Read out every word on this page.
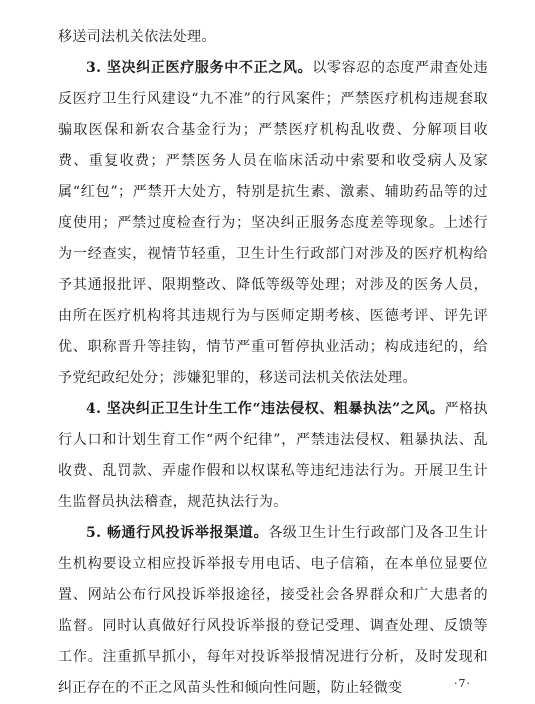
移送司法机关依法处理。

3. 坚决纠正医疗服务中不正之风。以零容忍的态度严肃查处违反医疗卫生行风建设“九不准”的行风案件；严禁医疗机构违规套取骗取医保和新农合基金行为；严禁医疗机构乱收费、分解项目收费、重复收费；严禁医务人员在临床活动中索要和收受病人及家属“红包”；严禁开大处方，特别是抗生素、激素、辅助药品等的过度使用；严禁过度检查行为；坚决纠正服务态度差等现象。上述行为一经查实，视情节轻重，卫生计生行政部门对涉及的医疗机构给予其通报批评、限期整改、降低等级等处理；对涉及的医务人员， 由所在医疗机构将其违规行为与医师定期考核、医德考评、评先评优、职称晋升等挂钩，情节严重可暂停执业活动；构成违纪的，给予党纪政纪处分；涉嫌犯罪的，移送司法机关依法处理。

4. 坚决纠正卫生计生工作“违法侵权、粗暴执法”之风。严格执行人口和计划生育工作“两个纪律”，严禁违法侵权、粗暴执法、乱收费、乱罚款、弄虚作假和以权谋私等违纪违法行为。开展卫生计生监督员执法稽查，规范执法行为。

5. 畅通行风投诉举报渠道。各级卫生计生行政部门及各卫生计生机构要设立相应投诉举报专用电话、电子信箱，在本单位显要位置、网站公布行风投诉举报途径，接受社会各界群众和广大患者的监督。同时认真做好行风投诉举报的登记受理、调查处理、反馈等工作。注重抓早抓小，每年对投诉举报情况进行分析，及时发现和纠正存在的不正之风苗头性和倾向性问题，防止轻微变	·7·
